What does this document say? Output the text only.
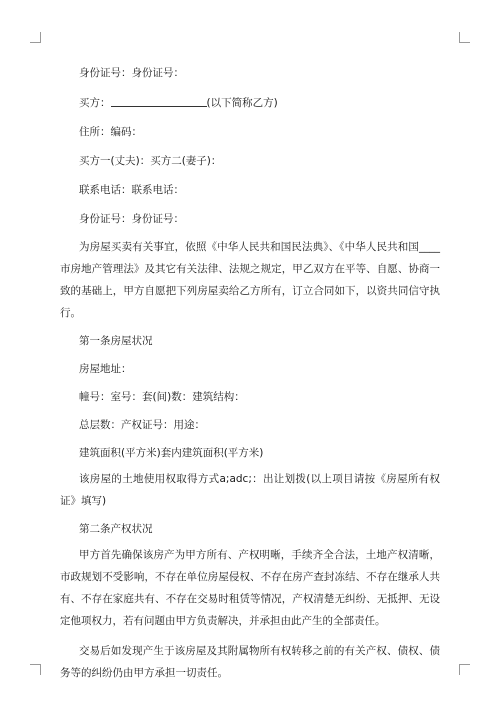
身份证号：身份证号：
买方：	(以下简称乙方)
住所：编码：
买方一(丈夫)：买方二(妻子)：
联系电话：联系电话：
身份证号：身份证号：
为房屋买卖有关事宜，依照《中华人民共和国民法典》、《中华人民共和国____市房地产管理法》及其它有关法律、法规之规定，甲乙双方在平等、自愿、协商一致的基础上，甲方自愿把下列房屋卖给乙方所有，订立合同如下，以资共同信守执行。
第一条房屋状况
房屋地址：
幢号：室号：套(间)数：建筑结构：
总层数：产权证号：用途：
建筑面积(平方米)套内建筑面积(平方米)
该房屋的土地使用权取得方式a;adc;：出让划拨(以上项目请按《房屋所有权证》填写)
第二条产权状况
甲方首先确保该房产为甲方所有、产权明晰，手续齐全合法，土地产权清晰，市政规划不受影响，不存在单位房屋侵权、不存在房产查封冻结、不存在继承人共有、不存在家庭共有、不存在交易时租赁等情况，产权清楚无纠纷、无抵押、无设定他项权力，若有问题由甲方负责解决，并承担由此产生的全部责任。
交易后如发现产生于该房屋及其附属物所有权转移之前的有关产权、债权、债务等的纠纷仍由甲方承担一切责任。
